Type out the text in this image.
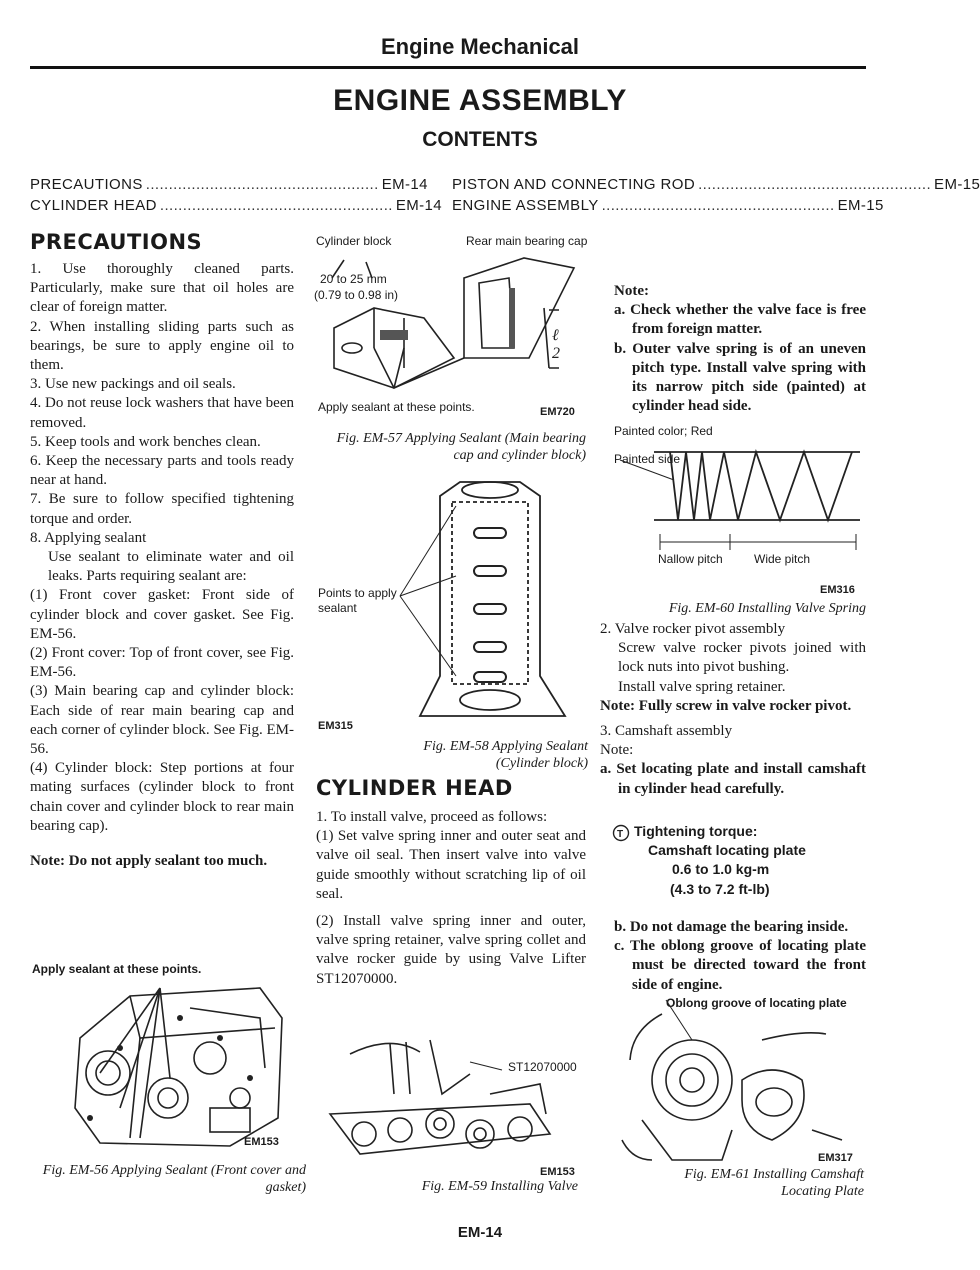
Engine Mechanical
ENGINE ASSEMBLY
CONTENTS
PRECAUTIONS ................................................... EM-14
CYLINDER HEAD ................................................... EM-14
PISTON AND CONNECTING ROD ................................................... EM-15
ENGINE ASSEMBLY ................................................... EM-15
PRECAUTIONS

1. Use thoroughly cleaned parts. Particularly, make sure that oil holes are clear of foreign matter.

2. When installing sliding parts such as bearings, be sure to apply engine oil to them.

3. Use new packings and oil seals.

4. Do not reuse lock washers that have been removed.

5. Keep tools and work benches clean.

6. Keep the necessary parts and tools ready near at hand.

7. Be sure to follow specified tightening torque and order.

8. Applying sealant

Use sealant to eliminate water and oil leaks. Parts requiring sealant are:

(1) Front cover gasket: Front side of cylinder block and cover gasket. See Fig. EM-56.

(2) Front cover: Top of front cover, see Fig. EM-56.

(3) Main bearing cap and cylinder block: Each side of rear main bearing cap and each corner of cylinder block. See Fig. EM-56.

(4) Cylinder block: Step portions at four mating surfaces (cylinder block to front chain cover and cylinder block to rear main bearing cap).

Note: Do not apply sealant too much.

Apply sealant at these points.
EM153
Fig. EM-56 Applying Sealant (Front cover and gasket)
Cylinder block	Rear main bearing cap
20 to 25 mm
(0.79 to 0.98 in)
ℓ
2
Apply sealant at these points.	EM720
Fig. EM-57 Applying Sealant (Main bearing cap and cylinder block)
Points to apply sealant
EM315
Fig. EM-58 Applying Sealant (Cylinder block)
CYLINDER HEAD

1. To install valve, proceed as follows:

(1) Set valve spring inner and outer seat and valve oil seal. Then insert valve into valve guide smoothly without scratching lip of oil seal.

(2) Install valve spring inner and outer, valve spring retainer, valve spring collet and valve rocker guide by using Valve Lifter ST12070000.

ST12070000
EM153
Fig. EM-59 Installing Valve

Note:

a. Check whether the valve face is free from foreign matter.

b. Outer valve spring is of an uneven pitch type. Install valve spring with its narrow pitch side (painted) at cylinder head side.

Painted color; Red
Painted side
Nallow pitch	Wide pitch
EM316
Fig. EM-60 Installing Valve Spring

2. Valve rocker pivot assembly

Screw valve rocker pivots joined with lock nuts into pivot bushing.

Install valve spring retainer.

Note: Fully screw in valve rocker pivot.

3. Camshaft assembly

Note:

a. Set locating plate and install camshaft in cylinder head carefully.

T Tightening torque:

Camshaft locating plate

0.6 to 1.0 kg-m

(4.3 to 7.2 ft-lb)

b. Do not damage the bearing inside.

c. The oblong groove of locating plate must be directed toward the front side of engine.

Oblong groove of locating plate
EM317
Fig. EM-61 Installing Camshaft Locating Plate
EM-14
